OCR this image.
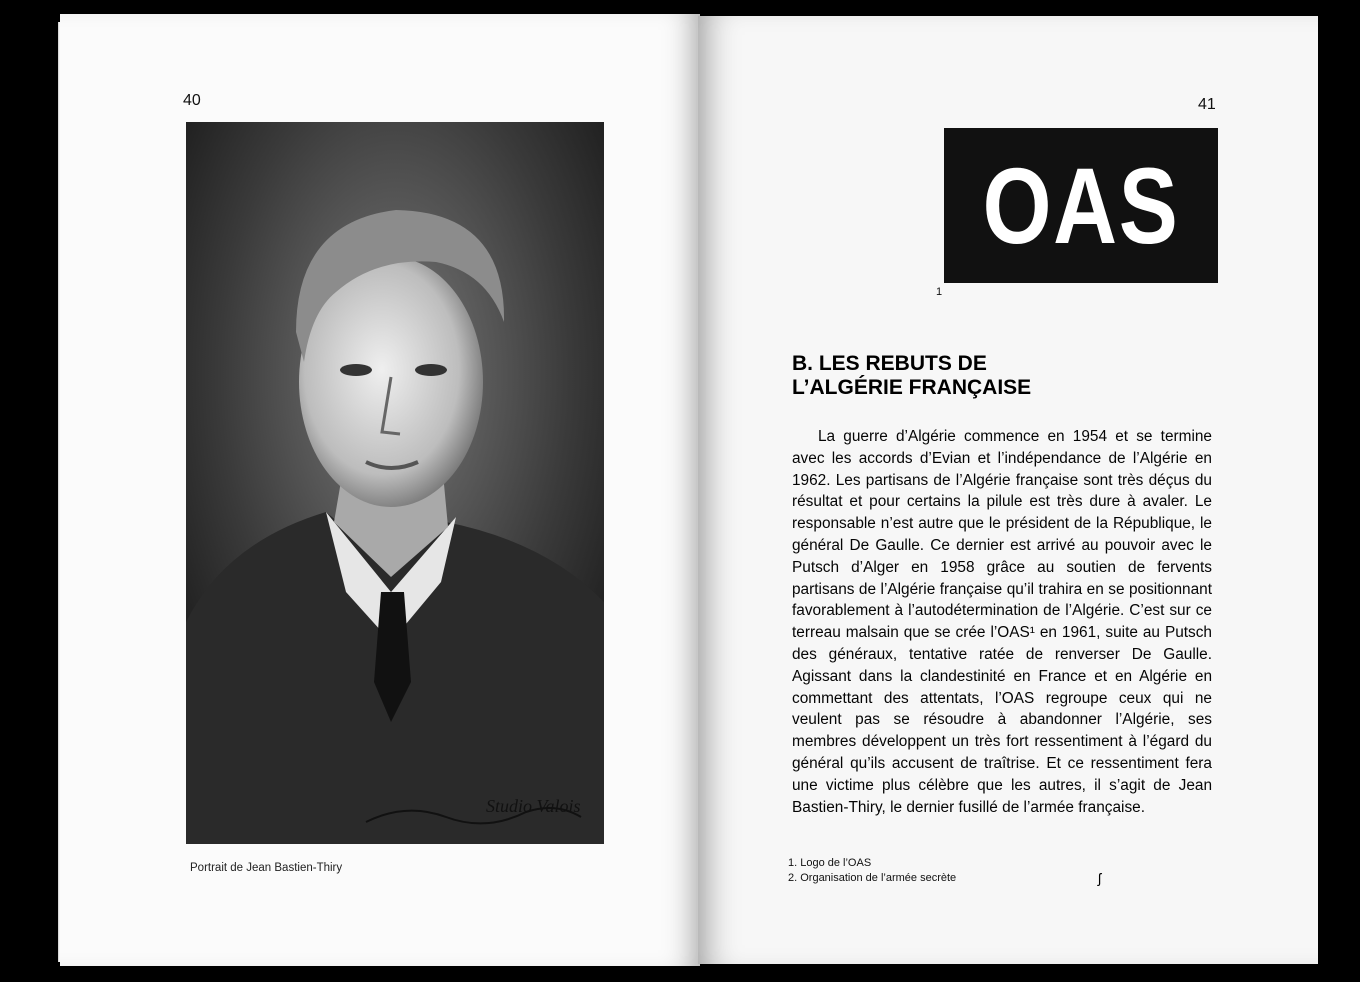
40
Studio Valois
Portrait de Jean Bastien-Thiry
41
OAS
1
B. LES REBUTS DE
L’ALGÉRIE FRANÇAISE
La guerre d’Algérie commence en 1954 et se termine avec les accords d’Evian et l’indépendance de l’Algérie en 1962. Les partisans de l’Algérie française sont très déçus du résultat et pour certains la pilule est très dure à avaler. Le responsable n’est autre que le président de la République, le général De Gaulle. Ce dernier est arrivé au pouvoir avec le Putsch d’Alger en 1958 grâce au soutien de fervents partisans de l’Algérie française qu’il trahira en se positionnant favorablement à l’autodétermination de l’Algérie. C’est sur ce terreau malsain que se crée l’OAS¹ en 1961, suite au Putsch des généraux, tentative ratée de renverser De Gaulle. Agissant dans la clandestinité en France et en Algérie en commettant des attentats, l’OAS regroupe ceux qui ne veulent pas se résoudre à abandonner l’Algérie, ses membres développent un très fort ressentiment à l’égard du général qu’ils accusent de traîtrise. Et ce ressentiment fera une victime plus célèbre que les autres, il s’agit de Jean Bastien-Thiry, le dernier fusillé de l’armée française.
1. Logo de l’OAS
2. Organisation de l’armée secrète	ʃ
